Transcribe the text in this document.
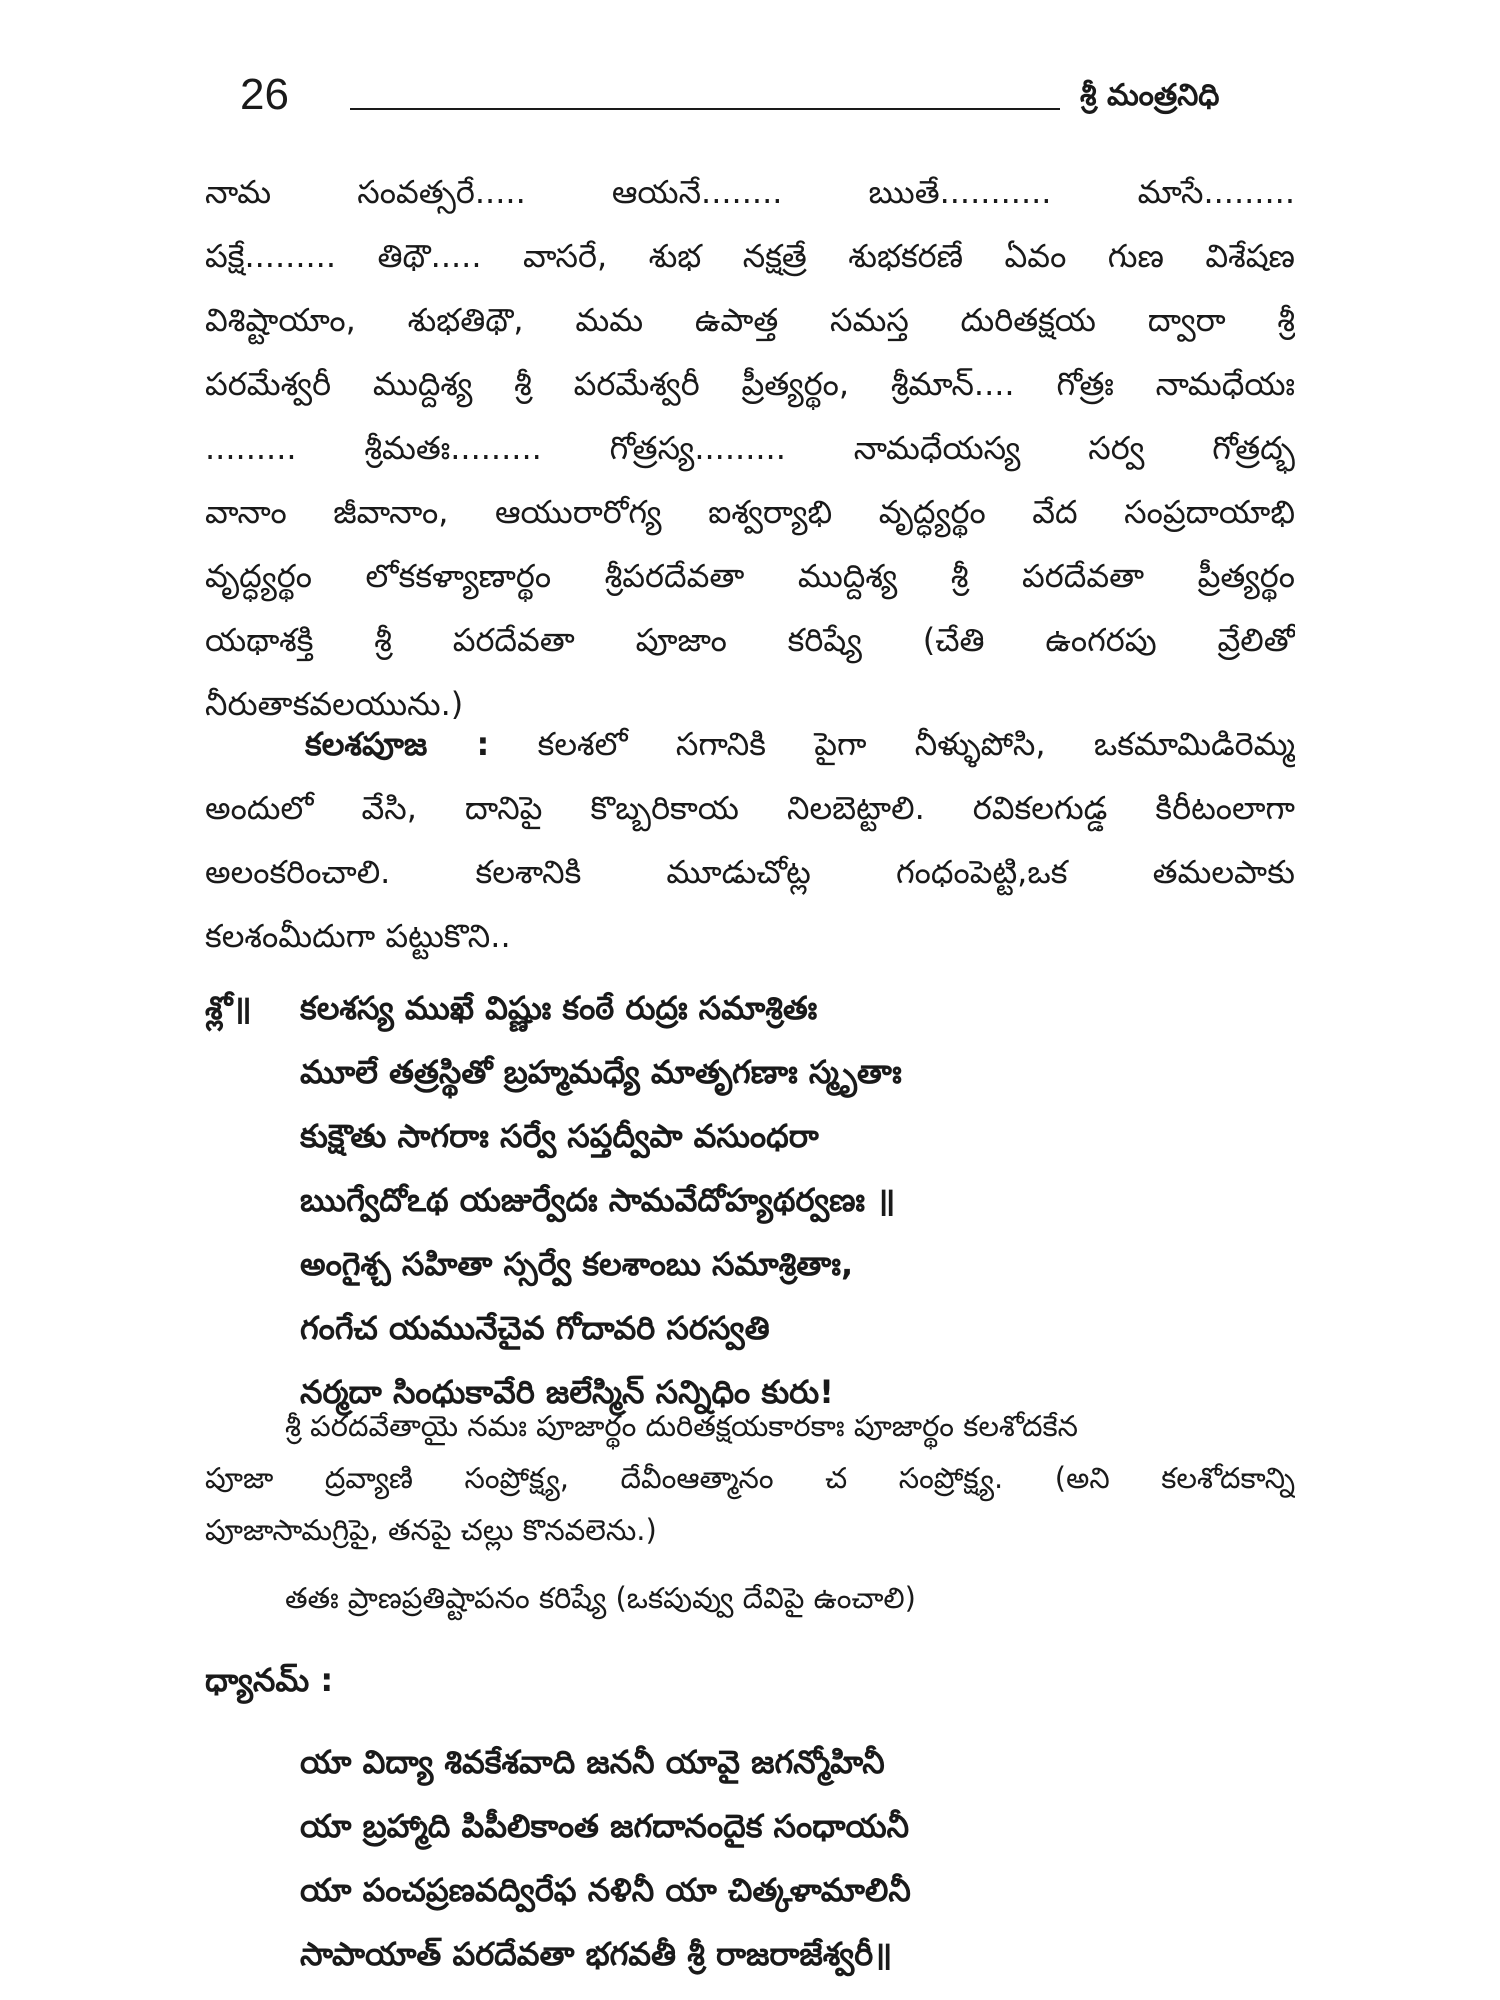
26	శ్రీ మంత్రనిధి
నామ సంవత్సరే..... ఆయనే........ ఋతే........... మాసే.........
పక్షే......... తిథౌ..... వాసరే, శుభ నక్షత్రే శుభకరణే ఏవం గుణ విశేషణ
విశిష్టాయాం, శుభతిథౌ, మమ ఉపాత్త సమస్త దురితక్షయ ద్వారా శ్రీ
పరమేశ్వరీ ముద్దిశ్య శ్రీ పరమేశ్వరీ ప్రీత్యర్థం, శ్రీమాన్.... గోత్రః నామధేయః
......... శ్రీమతః......... గోత్రస్య......... నామధేయస్య సర్వ గోత్రద్భ
వానాం జీవానాం, ఆయురారోగ్య ఐశ్వర్యాభి వృద్ధ్యర్థం వేద సంప్రదాయాభి
వృద్ధ్యర్థం లోకకళ్యాణార్థం శ్రీపరదేవతా ముద్దిశ్య శ్రీ పరదేవతా ప్రీత్యర్థం
యథాశక్తి శ్రీ పరదేవతా పూజాం కరిష్యే (చేతి ఉంగరపు వ్రేలితో
నీరుతాకవలయును.)
కలశపూజ : కలశలో సగానికి పైగా నీళ్ళుపోసి, ఒకమామిడిరెమ్మ
అందులో వేసి, దానిపై కొబ్బరికాయ నిలబెట్టాలి. రవికలగుడ్డ కిరీటంలాగా
అలంకరించాలి. కలశానికి మూడుచోట్ల గంధంపెట్టి,ఒక తమలపాకు
కలశంమీదుగా పట్టుకొని..
శ్లో॥ కలశస్య ముఖే విష్ణుః కంఠే రుద్రః సమాశ్రితః
మూలే తత్రస్థితో బ్రహ్మమధ్యే మాతృగణాః స్మృతాః
కుక్షౌతు సాగరాః సర్వే సప్తద్వీపా వసుంధరా
ఋగ్వేదోఽథ యజుర్వేదః సామవేదోహ్యథర్వణః ॥
అంగైశ్చ సహితా స్సర్వే కలశాంబు సమాశ్రితాః,
గంగేచ యమునేచైవ గోదావరి సరస్వతి
నర్మదా సింధుకావేరి జలేస్మిన్ సన్నిధిం కురు!
శ్రీ పరదవేతాయై నమః పూజార్థం దురితక్షయకారకాః పూజార్థం కలశోదకేన
పూజా ద్రవ్యాణి సంప్రోక్ష్య, దేవీంఆత్మానం చ సంప్రోక్ష్య. (అని కలశోదకాన్ని
పూజాసామగ్రిపై, తనపై చల్లు కొనవలెను.)
తతః ప్రాణప్రతిష్టాపనం కరిష్యే (ఒకపువ్వు దేవిపై ఉంచాలి)
ధ్యానమ్ :
యా విద్యా శివకేశవాది జననీ యావై జగన్మోహినీ
యా బ్రహ్మాది పిపీలికాంత జగదానందైక సంధాయనీ
యా పంచప్రణవద్విరేఫ నళినీ యా చిత్కళామాలినీ
సాపాయాత్ పరదేవతా భగవతీ శ్రీ రాజరాజేశ్వరీ॥
